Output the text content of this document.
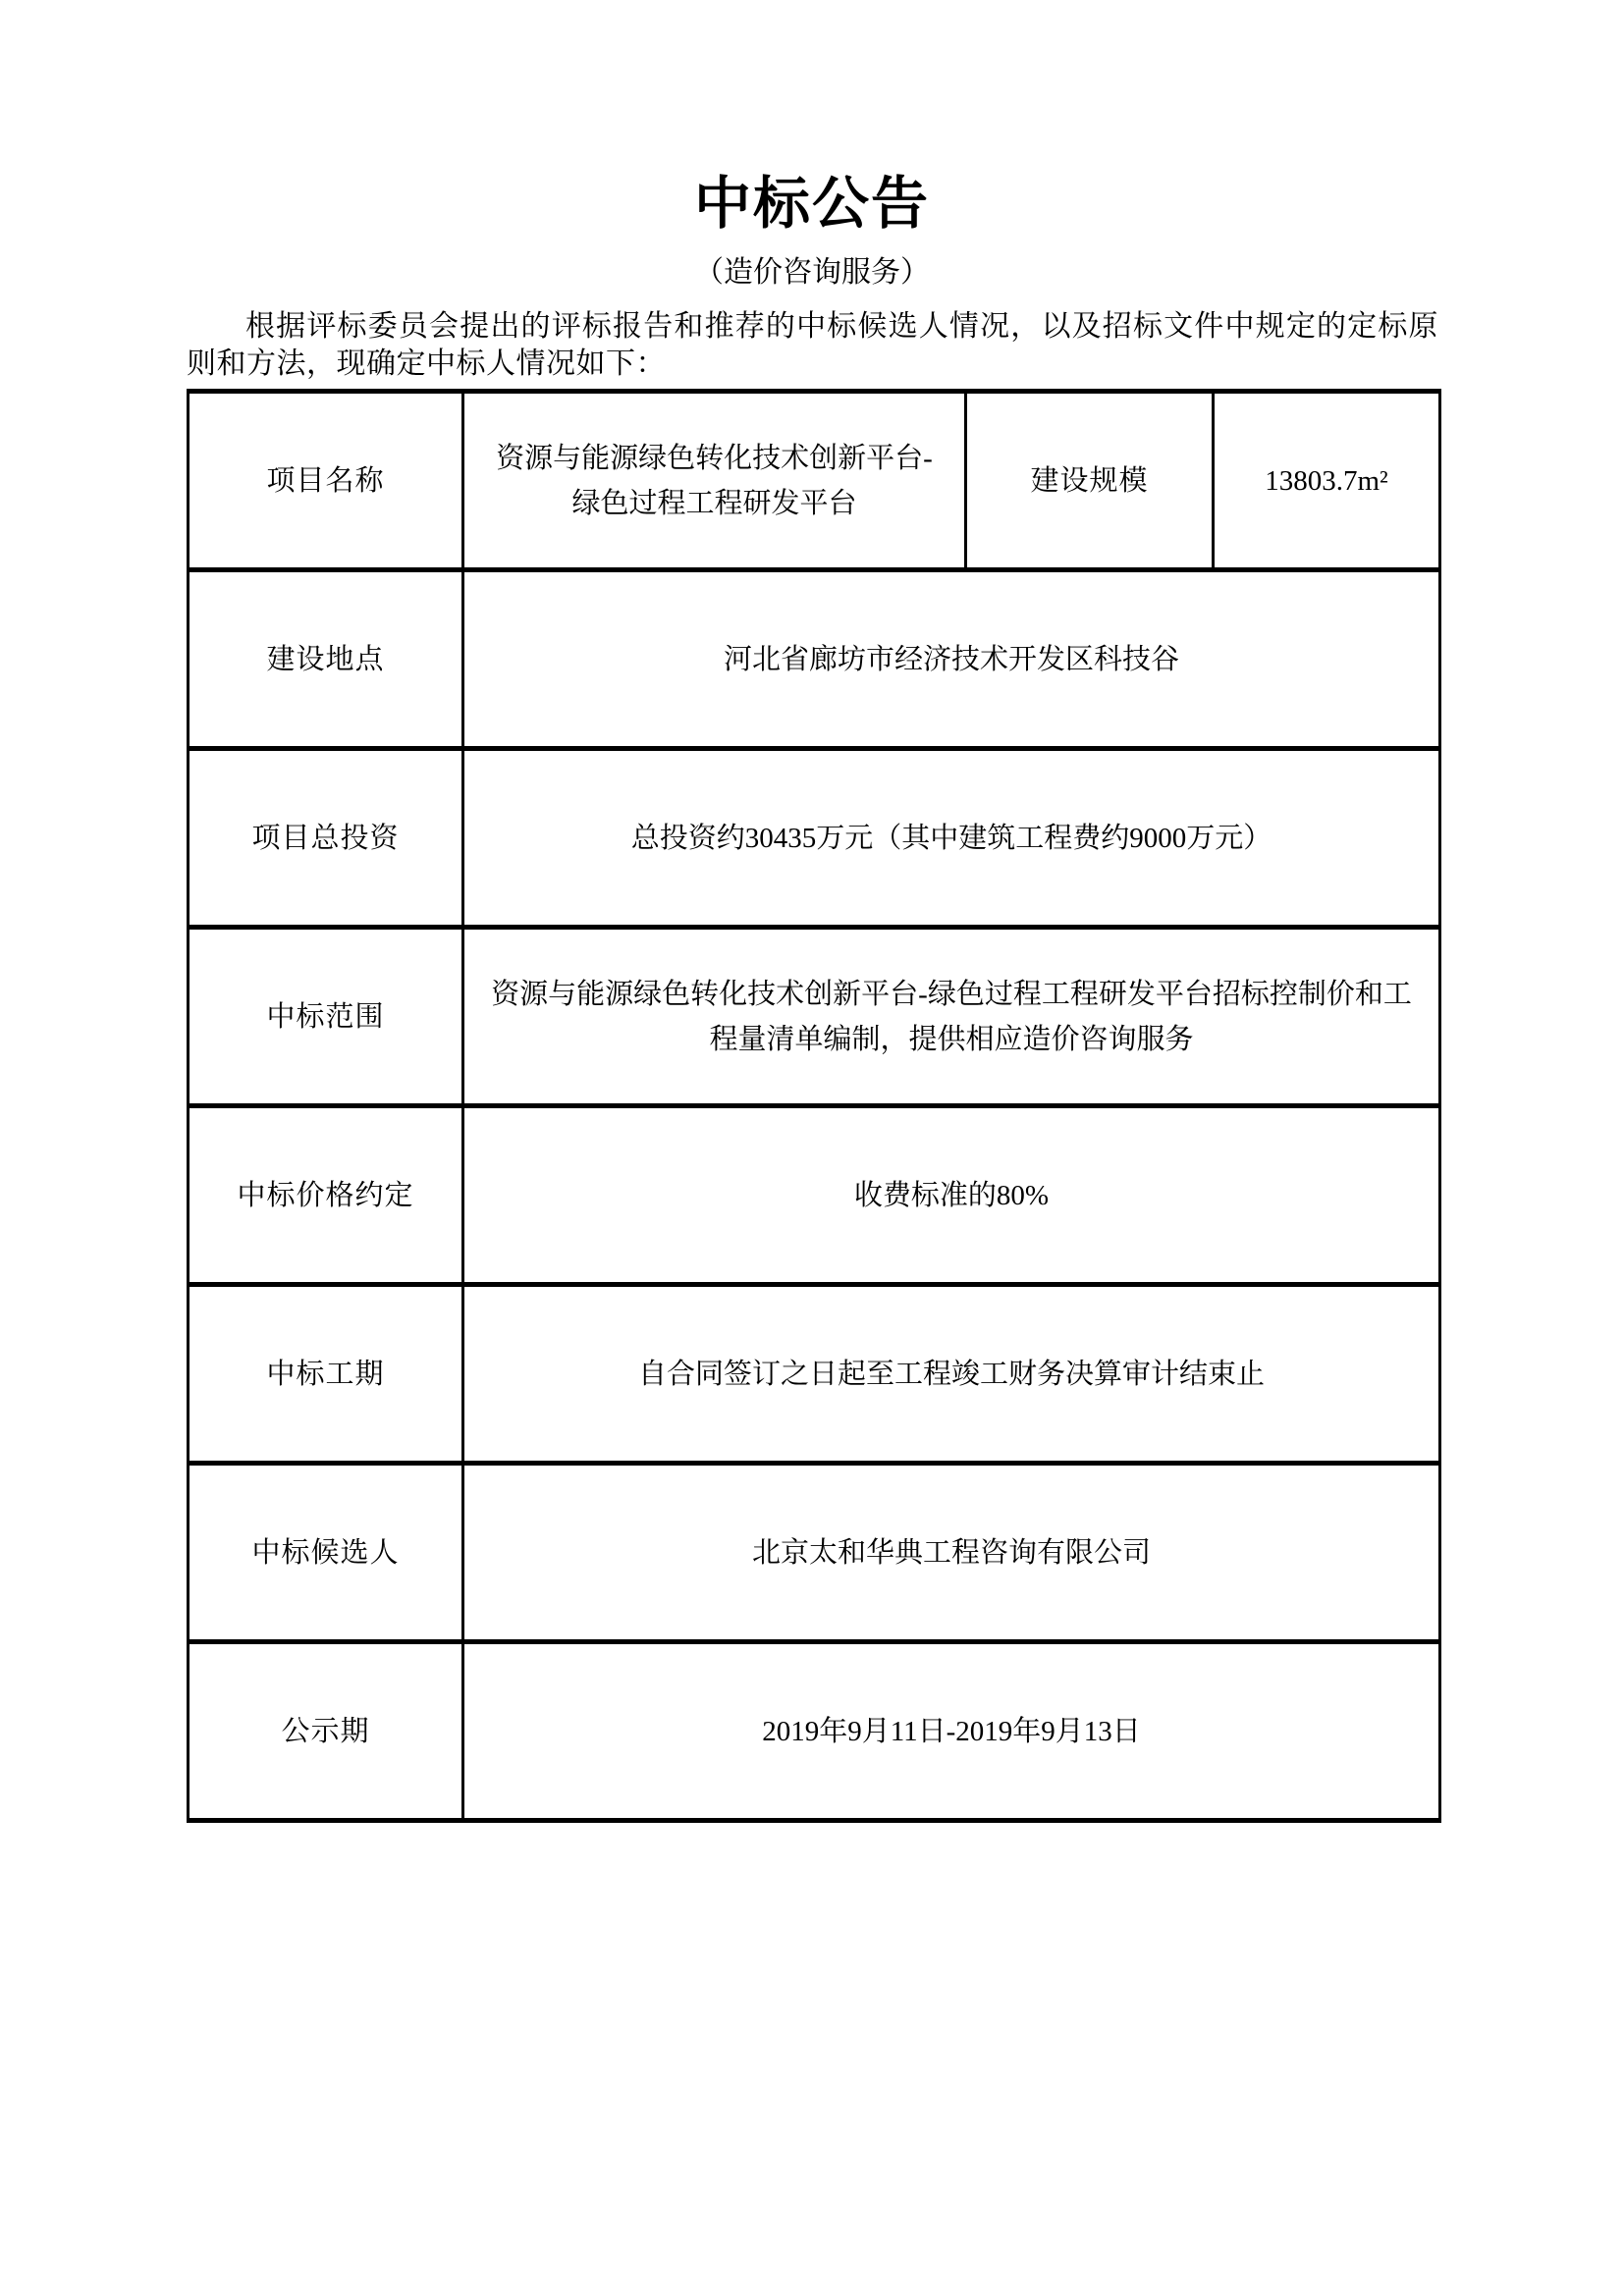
中标公告
（造价咨询服务）

根据评标委员会提出的评标报告和推荐的中标候选人情况，以及招标文件中规定的定标原则和方法，现确定中标人情况如下：

项目名称	资源与能源绿色转化技术创新平台-绿色过程工程研发平台	建设规模	13803.7m²
建设地点	河北省廊坊市经济技术开发区科技谷		
项目总投资	总投资约30435万元（其中建筑工程费约9000万元）		
中标范围	资源与能源绿色转化技术创新平台-绿色过程工程研发平台招标控制价和工程量清单编制，提供相应造价咨询服务		
中标价格约定	收费标准的80%		
中标工期	自合同签订之日起至工程竣工财务决算审计结束止		
中标候选人	北京太和华典工程咨询有限公司		
公示期	2019年9月11日-2019年9月13日		
